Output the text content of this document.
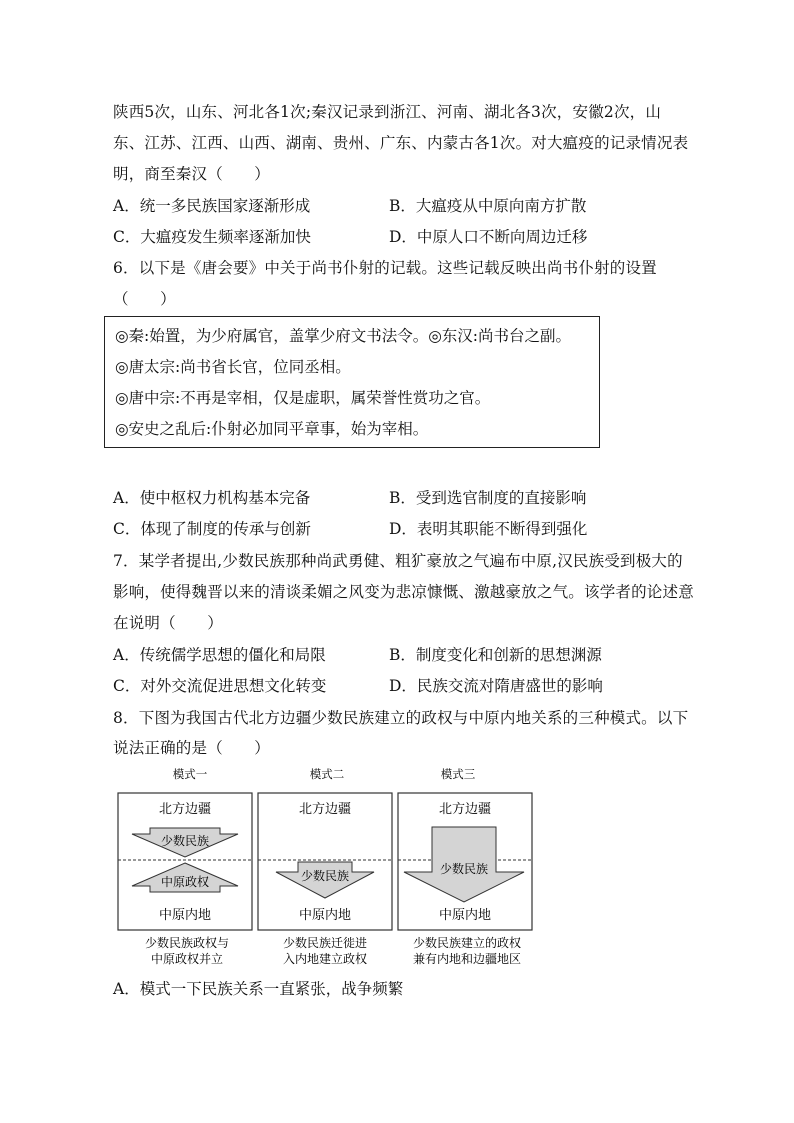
陕西5次，山东、河北各1次;秦汉记录到浙江、河南、湖北各3次，安徽2次，山
东、江苏、江西、山西、湖南、贵州、广东、内蒙古各1次。对大瘟疫的记录情况表
明，商至秦汉（　　）
A．统一多民族国家逐渐形成	B．大瘟疫从中原向南方扩散
C．大瘟疫发生频率逐渐加快	D．中原人口不断向周边迁移
6．以下是《唐会要》中关于尚书仆射的记载。这些记载反映出尚书仆射的设置
（　　）
◎秦:始置，为少府属官，盖掌少府文书法令。◎东汉:尚书台之副。
◎唐太宗:尚书省长官，位同丞相。
◎唐中宗:不再是宰相，仅是虚职，属荣誉性赏功之官。
◎安史之乱后:仆射必加同平章事，始为宰相。
A．使中枢权力机构基本完备	B．受到选官制度的直接影响
C．体现了制度的传承与创新	D．表明其职能不断得到强化
7．某学者提出,少数民族那种尚武勇健、粗犷豪放之气遍布中原,汉民族受到极大的
影响，使得魏晋以来的清谈柔媚之风变为悲凉慷慨、激越豪放之气。该学者的论述意
在说明（　　）
A．传统儒学思想的僵化和局限	B．制度变化和创新的思想渊源
C．对外交流促进思想文化转变	D．民族交流对隋唐盛世的影响
8．下图为我国古代北方边疆少数民族建立的政权与中原内地关系的三种模式。以下
说法正确的是（　　）
模式一	模式二	模式三
北方边疆
少数民族
中原政权
中原内地
北方边疆
少数民族
中原内地
北方边疆
少数民族
中原内地
少数民族政权与
中原政权并立
少数民族迁徙进
入内地建立政权
少数民族建立的政权
兼有内地和边疆地区
A．模式一下民族关系一直紧张，战争频繁
